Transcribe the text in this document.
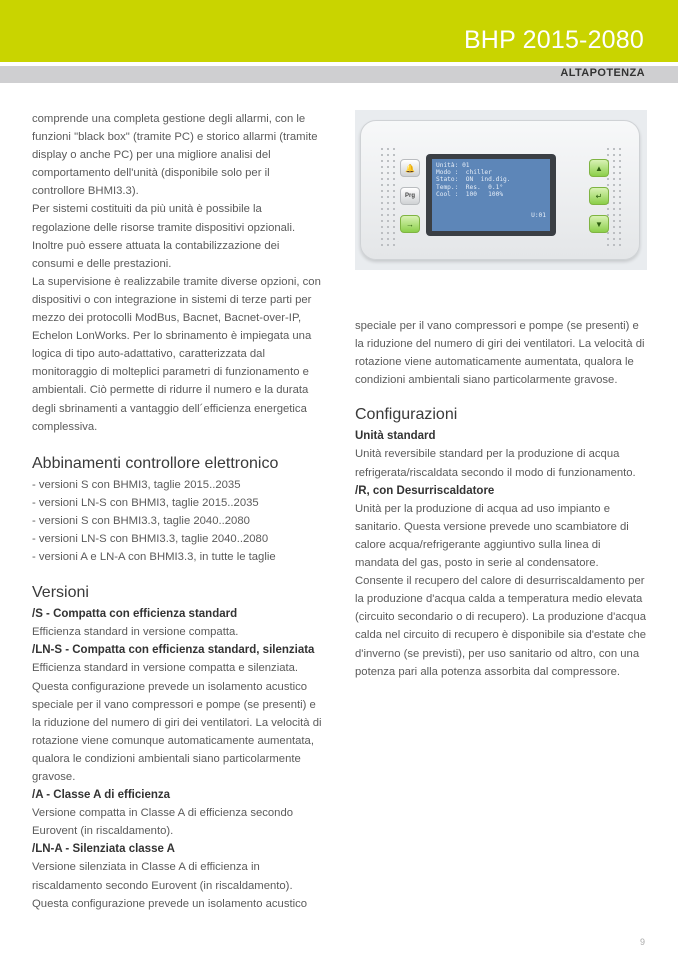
BHP 2015-2080
ALTAPOTENZA

comprende una completa gestione degli allarmi, con le funzioni "black box" (tramite PC) e storico allarmi (tramite display o anche PC) per una migliore analisi del comportamento dell'unità (disponibile solo per il controllore BHMI3.3).

Per sistemi costituiti da più unità è possibile la regolazione delle risorse tramite dispositivi opzionali. Inoltre può essere attuata la contabilizzazione dei consumi e delle prestazioni.

La supervisione è realizzabile tramite diverse opzioni, con dispositivi o con integrazione in sistemi di terze parti per mezzo dei protocolli ModBus, Bacnet, Bacnet-over-IP, Echelon LonWorks. Per lo sbrinamento è impiegata una logica di tipo auto-adattativo, caratterizzata dal monitoraggio di molteplici parametri di funzionamento e ambientali. Ciò permette di ridurre il numero e la durata degli sbrinamenti a vantaggio dell´efficienza energetica complessiva.

Abbinamenti controllore elettronico
- versioni S con BHMI3, taglie 2015..2035
- versioni LN-S con BHMI3, taglie 2015..2035
- versioni S con BHMI3.3, taglie 2040..2080
- versioni LN-S con BHMI3.3, taglie 2040..2080
- versioni A e LN-A con BHMI3.3, in tutte le taglie
Versioni
/S - Compatta con efficienza standard

Efficienza standard in versione compatta.

/LN-S - Compatta con efficienza standard, silenziata

Efficienza standard in versione compatta e silenziata. Questa configurazione prevede un isolamento acustico speciale per il vano compressori e pompe (se presenti) e la riduzione del numero di giri dei ventilatori. La velocità di rotazione viene comunque automaticamente aumentata, qualora le condizioni ambientali siano particolarmente gravose.

/A - Classe A di efficienza

Versione compatta in Classe A di efficienza secondo Eurovent (in riscaldamento).

/LN-A - Silenziata classe A

Versione silenziata in Classe A di efficienza in riscaldamento secondo Eurovent (in riscaldamento). Questa configurazione prevede un isolamento acustico

🔔
Prg
→
Unità: 01
Modo :  chiller
Stato:  ON  ind.dig.
Temp.:  Res.  0.1°
Cool :  100   100%
U:01
▲
↵
▼

speciale per il vano compressori e pompe (se presenti) e la riduzione del numero di giri dei ventilatori. La velocità di rotazione viene automaticamente aumentata, qualora le condizioni ambientali siano particolarmente gravose.

Configurazioni
Unità standard

Unità reversibile standard per la produzione di acqua refrigerata/riscaldata secondo il modo di funzionamento.

/R, con Desurriscaldatore

Unità per la produzione di acqua ad uso impianto e sanitario. Questa versione prevede uno scambiatore di calore acqua/refrigerante aggiuntivo sulla linea di mandata del gas, posto in serie al condensatore. Consente il recupero del calore di desurriscaldamento per la produzione d'acqua calda a temperatura medio elevata (circuito secondario o di recupero). La produzione d'acqua calda nel circuito di recupero è disponibile sia d'estate che d'inverno (se previsti), per uso sanitario od altro, con una potenza pari alla potenza assorbita dal compressore.

9
